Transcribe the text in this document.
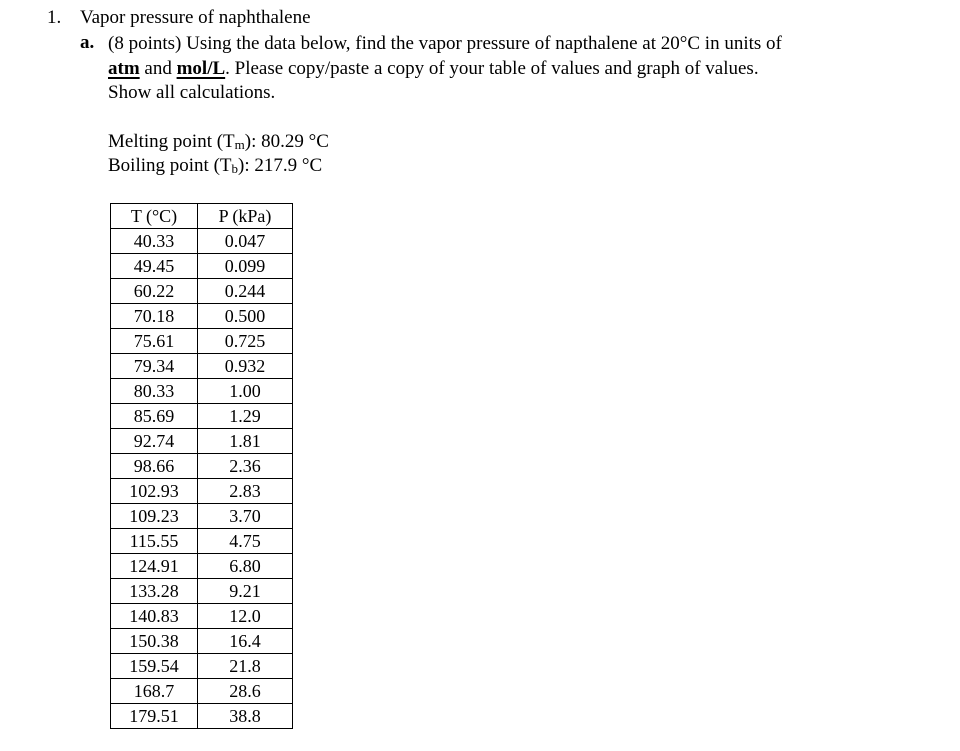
1. Vapor pressure of naphthalene
a. (8 points) Using the data below, find the vapor pressure of napthalene at 20°C in units of
atm and mol/L. Please copy/paste a copy of your table of values and graph of values.
Show all calculations.
Melting point (Tm): 80.29 °C
Boiling point (Tb): 217.9 °C
T (°C)	P (kPa)
40.33	0.047
49.45	0.099
60.22	0.244
70.18	0.500
75.61	0.725
79.34	0.932
80.33	1.00
85.69	1.29
92.74	1.81
98.66	2.36
102.93	2.83
109.23	3.70
115.55	4.75
124.91	6.80
133.28	9.21
140.83	12.0
150.38	16.4
159.54	21.8
168.7	28.6
179.51	38.8
